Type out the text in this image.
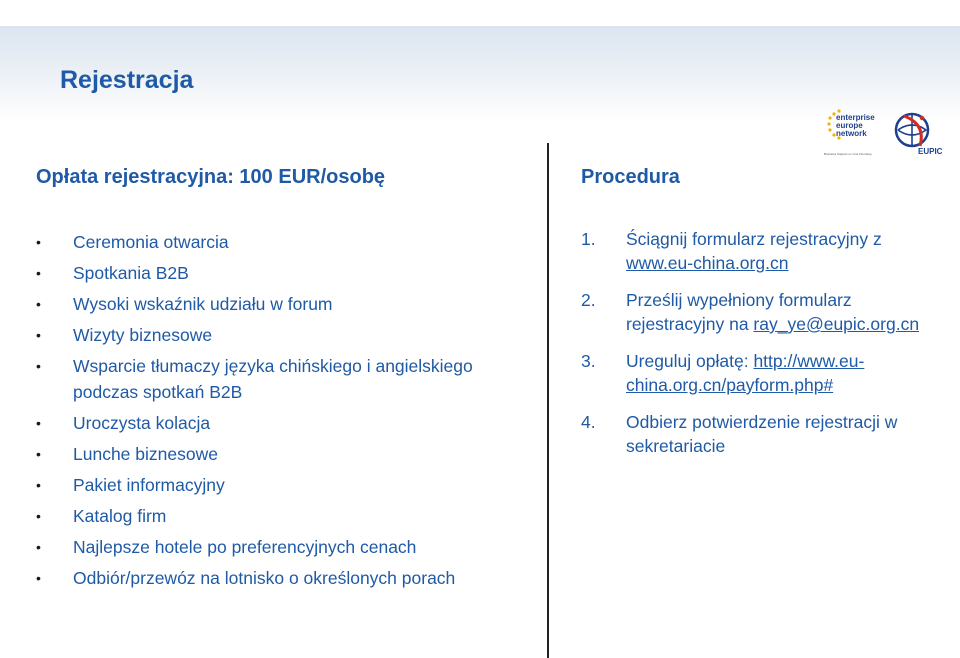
Rejestracja
enterprise europe network
Business Support on Your Doorstep	EUPIC
Opłata rejestracyjna: 100 EUR/osobę
• Ceremonia otwarcia
• Spotkania B2B
• Wysoki wskaźnik udziału w forum
• Wizyty biznesowe
• Wsparcie tłumaczy języka chińskiego i angielskiego podczas spotkań B2B
• Uroczysta kolacja
• Lunche biznesowe
• Pakiet informacyjny
• Katalog firm
• Najlepsze hotele po preferencyjnych cenach
• Odbiór/przewóz na lotnisko o określonych porach
Procedura
1. Ściągnij formularz rejestracyjny z www.eu-china.org.cn
2. Prześlij wypełniony formularz rejestracyjny na ray_ye@eupic.org.cn
3. Ureguluj opłatę: http://www.eu-china.org.cn/payform.php#
4. Odbierz potwierdzenie rejestracji w sekretariacie
